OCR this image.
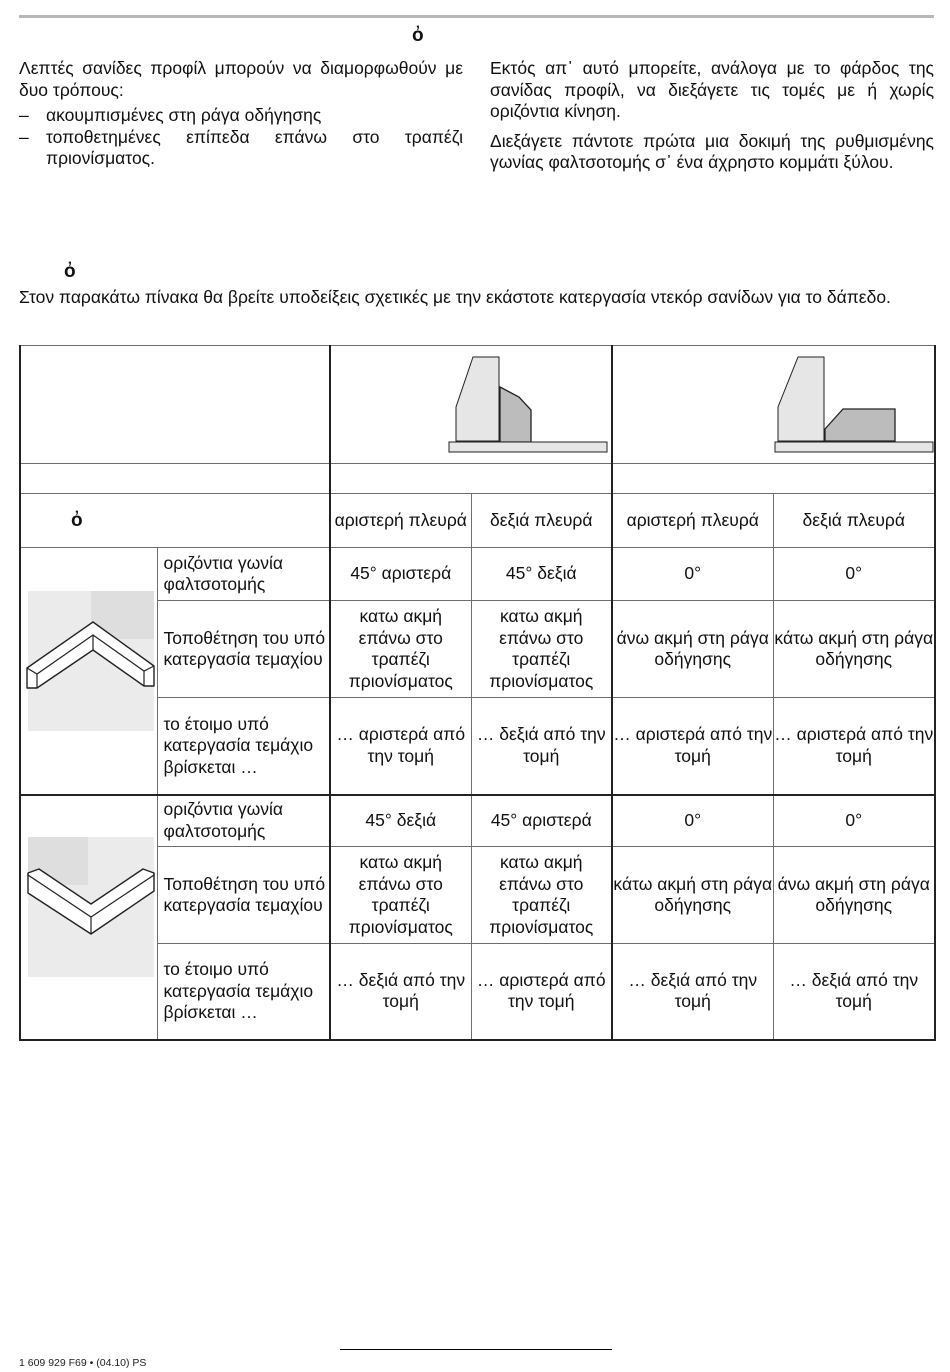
ὀ

Λεπτές σανίδες προφίλ μπορούν να διαμορφωθούν με δυο τρόπους:

– ακουμπισμένες στη ράγα οδήγησης
– τοποθετημένες επίπεδα επάνω στο τραπέζι πριονίσματος.

Εκτός απ᾽ αυτό μπορείτε, ανάλογα με το φάρδος της σανίδας προφίλ, να διεξάγετε τις τομές με ή χωρίς οριζόντια κίνηση.

Διεξάγετε πάντοτε πρώτα μια δοκιμή της ρυθμισμένης γωνίας φαλτσοτομής σ᾽ ένα άχρηστο κομμάτι ξύλου.

ὀ
Στον παρακάτω πίνακα θα βρείτε υποδείξεις σχετικές με την εκάστοτε κατεργασία ντεκόρ σανίδων για το δάπεδο.

ὀ		αριστερή πλευρά	δεξιά πλευρά	αριστερή πλευρά	δεξιά πλευρά

	οριζόντια γωνία φαλτσοτομής	45° αριστερά	45° δεξιά	0°	0°
	Τοποθέτηση του υπό κατεργασία τεμαχίου	κατω ακμή επάνω στο τραπέζι πριονίσματος	κατω ακμή επάνω στο τραπέζι πριονίσματος	άνω ακμή στη ράγα οδήγησης	κάτω ακμή στη ράγα οδήγησης
	το έτοιμο υπό κατεργασία τεμάχιο βρίσκεται …	… αριστερά από την τομή	… δεξιά από την τομή	… αριστερά από την τομή	… αριστερά από την τομή

	οριζόντια γωνία φαλτσοτομής	45° δεξιά	45° αριστερά	0°	0°
	Τοποθέτηση του υπό κατεργασία τεμαχίου	κατω ακμή επάνω στο τραπέζι πριονίσματος	κατω ακμή επάνω στο τραπέζι πριονίσματος	κάτω ακμή στη ράγα οδήγησης	άνω ακμή στη ράγα οδήγησης
	το έτοιμο υπό κατεργασία τεμάχιο βρίσκεται …	… δεξιά από την τομή	… αριστερά από την τομή	… δεξιά από την τομή	… δεξιά από την τομή
1 609 929 F69 • (04.10) PS
